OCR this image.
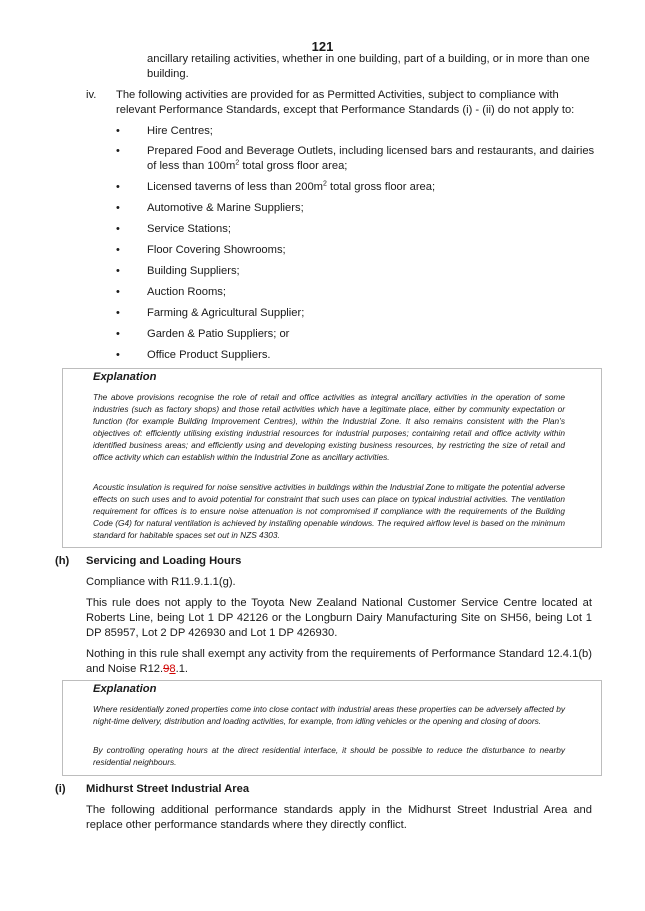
121
ancillary retailing activities, whether in one building, part of a building, or in more than one building.
iv. The following activities are provided for as Permitted Activities, subject to compliance with relevant Performance Standards, except that Performance Standards (i) - (ii) do not apply to:
• Hire Centres;
• Prepared Food and Beverage Outlets, including licensed bars and restaurants, and dairies of less than $100m^2$ total gross floor area;
• Licensed taverns of less than $200m^2$ total gross floor area;
• Automotive & Marine Suppliers;
• Service Stations;
• Floor Covering Showrooms;
• Building Suppliers;
• Auction Rooms;
• Farming & Agricultural Supplier;
• Garden & Patio Suppliers; or
• Office Product Suppliers.
Explanation
The above provisions recognise the role of retail and office activities as integral ancillary activities in the operation of some industries (such as factory shops) and those retail activities which have a legitimate place, either by community expectation or function (for example Building Improvement Centres), within the Industrial Zone. It also remains consistent with the Plan’s objectives of: efficiently utilising existing industrial resources for industrial purposes; containing retail and office activity within identified business areas; and efficiently using and developing existing business resources, by restricting the size of retail and office activity which can establish within the Industrial Zone as ancillary activities.
Acoustic insulation is required for noise sensitive activities in buildings within the Industrial Zone to mitigate the potential adverse effects on such uses and to avoid potential for constraint that such uses can place on typical industrial activities. The ventilation requirement for offices is to ensure noise attenuation is not compromised if compliance with the requirements of the Building Code (G4) for natural ventilation is achieved by installing openable windows. The required airflow level is based on the minimum standard for habitable spaces set out in NZS 4303.
(h) Servicing and Loading Hours
Compliance with R11.9.1.1(g).
This rule does not apply to the Toyota New Zealand National Customer Service Centre located at Roberts Line, being Lot 1 DP 42126 or the Longburn Dairy Manufacturing Site on SH56, being Lot 1 DP 85957, Lot 2 DP 426930 and Lot 1 DP 426930.
Nothing in this rule shall exempt any activity from the requirements of Performance Standard 12.4.1(b) and Noise R12.98.1.
Explanation
Where residentially zoned properties come into close contact with industrial areas these properties can be adversely affected by night-time delivery, distribution and loading activities, for example, from idling vehicles or the opening and closing of doors.
By controlling operating hours at the direct residential interface, it should be possible to reduce the disturbance to nearby residential neighbours.
(i) Midhurst Street Industrial Area
The following additional performance standards apply in the Midhurst Street Industrial Area and replace other performance standards where they directly conflict.
